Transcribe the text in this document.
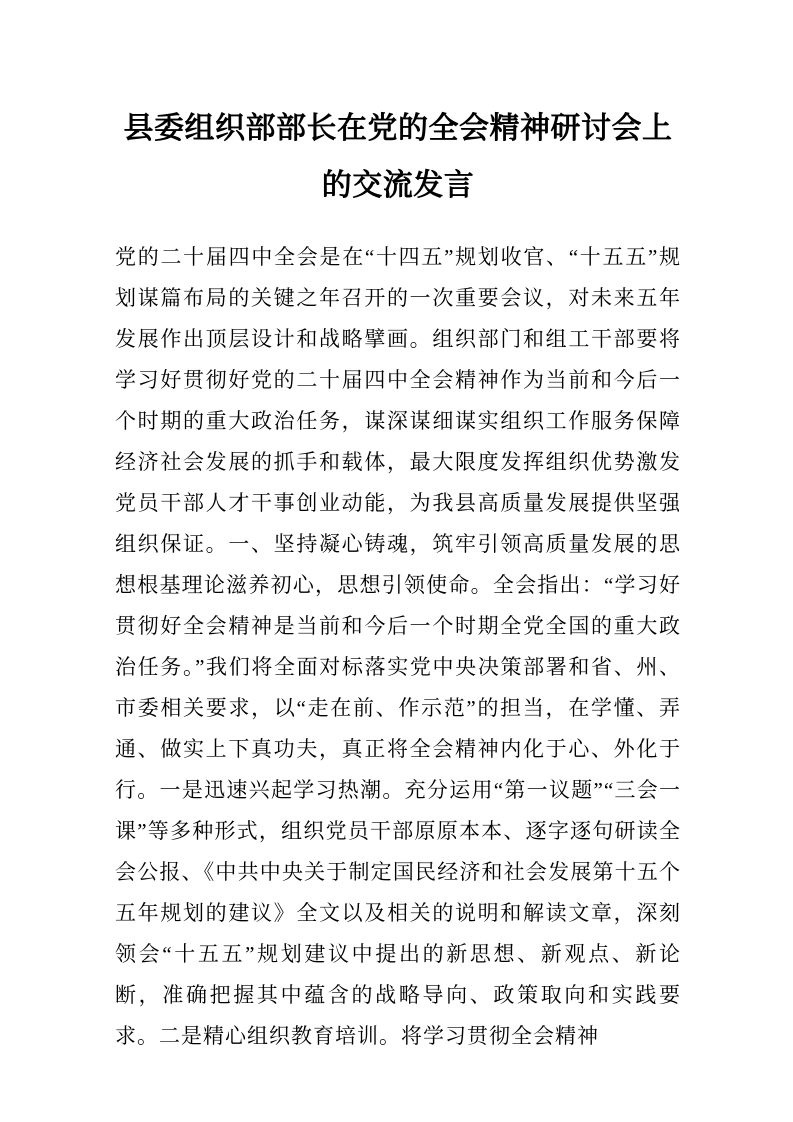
县委组织部部长在党的全会精神研讨会上的交流发言

党的二十届四中全会是在“十四五”规划收官、“十五五”规划谋篇布局的关键之年召开的一次重要会议，对未来五年发展作出顶层设计和战略擘画。组织部门和组工干部要将学习好贯彻好党的二十届四中全会精神作为当前和今后一个时期的重大政治任务，谋深谋细谋实组织工作服务保障经济社会发展的抓手和载体，最大限度发挥组织优势激发党员干部人才干事创业动能，为我县高质量发展提供坚强组织保证。一、坚持凝心铸魂，筑牢引领高质量发展的思想根基理论滋养初心，思想引领使命。全会指出：“学习好贯彻好全会精神是当前和今后一个时期全党全国的重大政治任务。”我们将全面对标落实党中央决策部署和省、州、市委相关要求，以“走在前、作示范”的担当，在学懂、弄通、做实上下真功夫，真正将全会精神内化于心、外化于行。一是迅速兴起学习热潮。充分运用“第一议题”“三会一课”等多种形式，组织党员干部原原本本、逐字逐句研读全会公报、《中共中央关于制定国民经济和社会发展第十五个五年规划的建议》全文以及相关的说明和解读文章，深刻领会“十五五”规划建议中提出的新思想、新观点、新论断，准确把握其中蕴含的战略导向、政策取向和实践要求。二是精心组织教育培训。将学习贯彻全会精神
